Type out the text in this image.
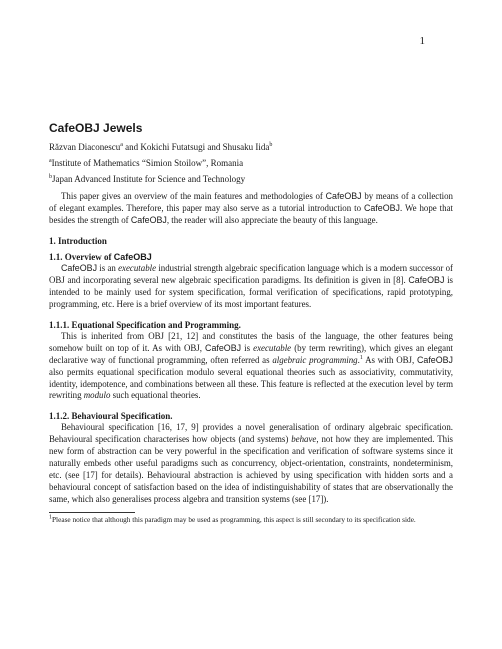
1
CafeOBJ Jewels
Răzvan Diaconescu$^a$ and Kokichi Futatsugi and Shusaku Iida$^b$
$^a$Institute of Mathematics “Simion Stoilow”, Romania
$^b$Japan Advanced Institute for Science and Technology

This paper gives an overview of the main features and methodologies of CafeOBJ by means of a collection of elegant examples. Therefore, this paper may also serve as a tutorial introduction to CafeOBJ. We hope that besides the strength of CafeOBJ, the reader will also appreciate the beauty of this language.

1. Introduction
1.1. Overview of CafeOBJ

CafeOBJ is an executable industrial strength algebraic specification language which is a modern successor of OBJ and incorporating several new algebraic specification paradigms. Its definition is given in [8]. CafeOBJ is intended to be mainly used for system specification, formal verification of specifications, rapid prototyping, programming, etc. Here is a brief overview of its most important features.

1.1.1. Equational Specification and Programming.

This is inherited from OBJ [21, 12] and constitutes the basis of the language, the other features being somehow built on top of it. As with OBJ, CafeOBJ is executable (by term rewriting), which gives an elegant declarative way of functional programming, often referred as algebraic programming.$^1$ As with OBJ, CafeOBJ also permits equational specification modulo several equational theories such as associativity, commutativity, identity, idempotence, and combinations between all these. This feature is reflected at the execution level by term rewriting modulo such equational theories.

1.1.2. Behavioural Specification.

Behavioural specification [16, 17, 9] provides a novel generalisation of ordinary algebraic specification. Behavioural specification characterises how objects (and systems) behave, not how they are implemented. This new form of abstraction can be very powerful in the specification and verification of software systems since it naturally embeds other useful paradigms such as concurrency, object-orientation, constraints, nondeterminism, etc. (see [17] for details). Behavioural abstraction is achieved by using specification with hidden sorts and a behavioural concept of satisfaction based on the idea of indistinguishability of states that are observationally the same, which also generalises process algebra and transition systems (see [17]).

$^1$Please notice that although this paradigm may be used as programming, this aspect is still secondary to its specification side.
